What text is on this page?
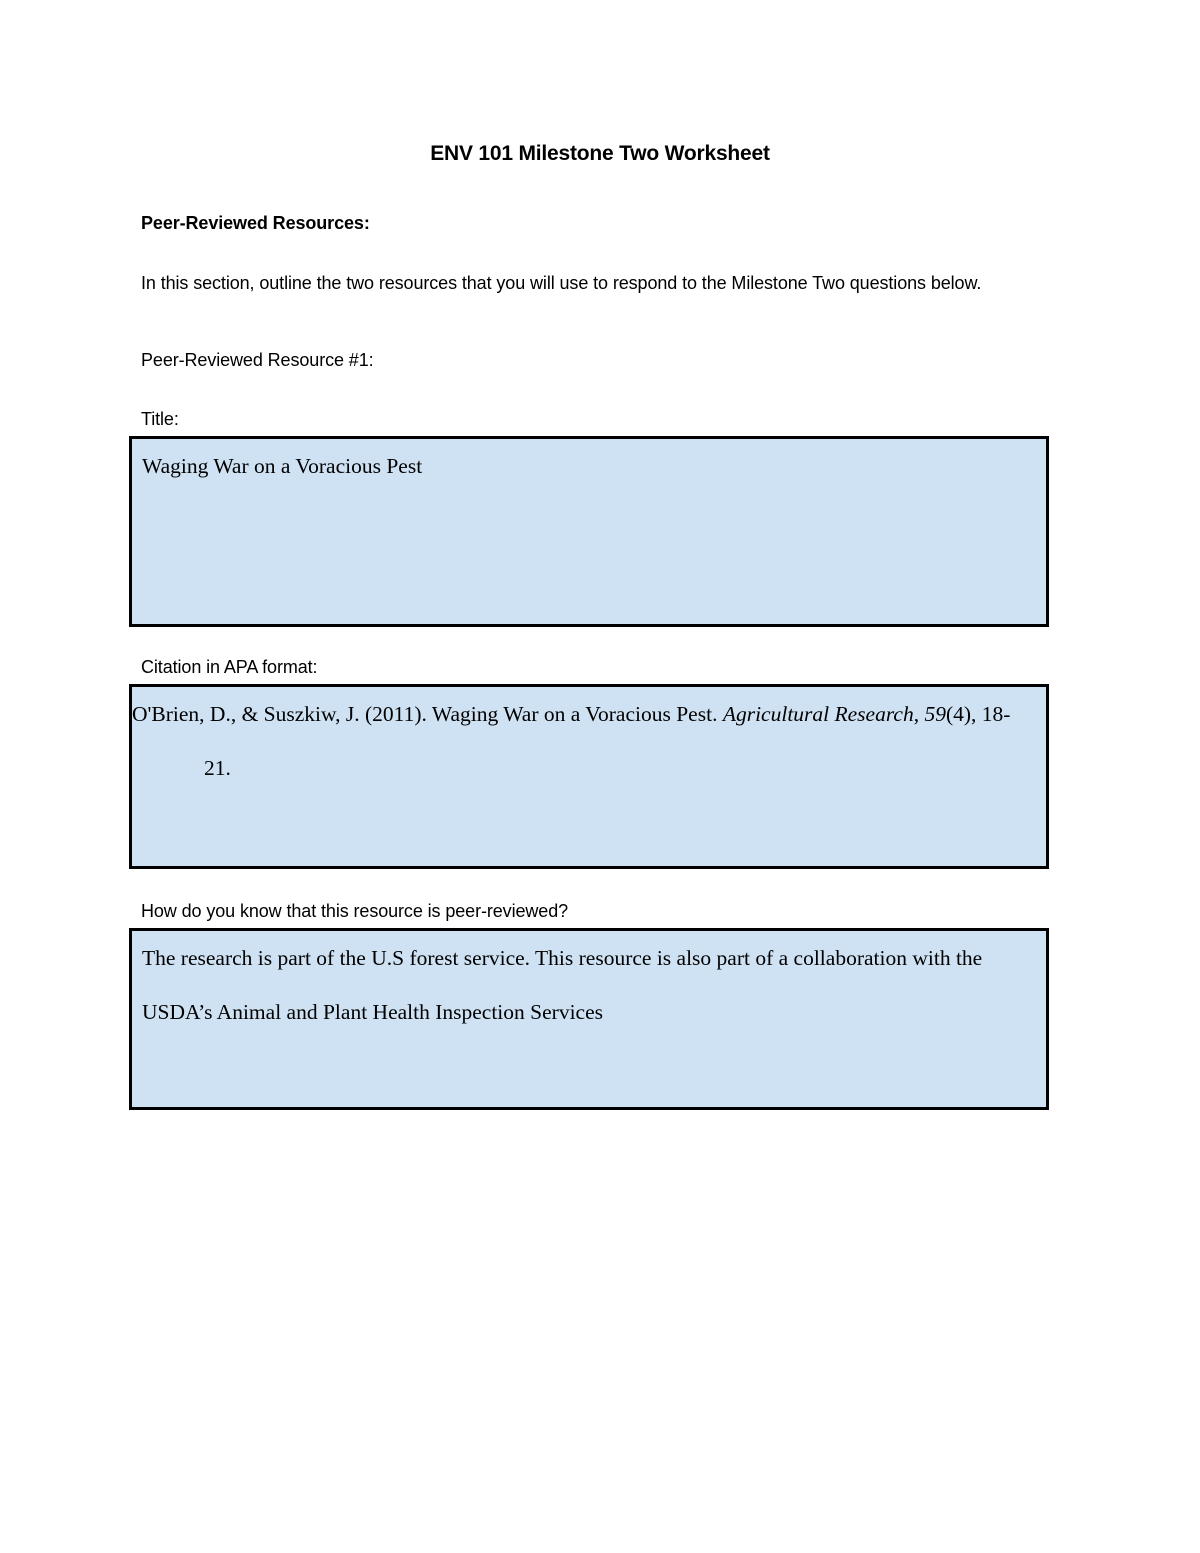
ENV 101 Milestone Two Worksheet
Peer-Reviewed Resources:
In this section, outline the two resources that you will use to respond to the Milestone Two questions below.
Peer-Reviewed Resource #1:
Title:

Waging War on a Voracious Pest

Citation in APA format:

O'Brien, D., & Suszkiw, J. (2011). Waging War on a Voracious Pest. Agricultural Research, 59(4), 18-21.

How do you know that this resource is peer-reviewed?

The research is part of the U.S forest service. This resource is also part of a collaboration with the USDA’s Animal and Plant Health Inspection Services
